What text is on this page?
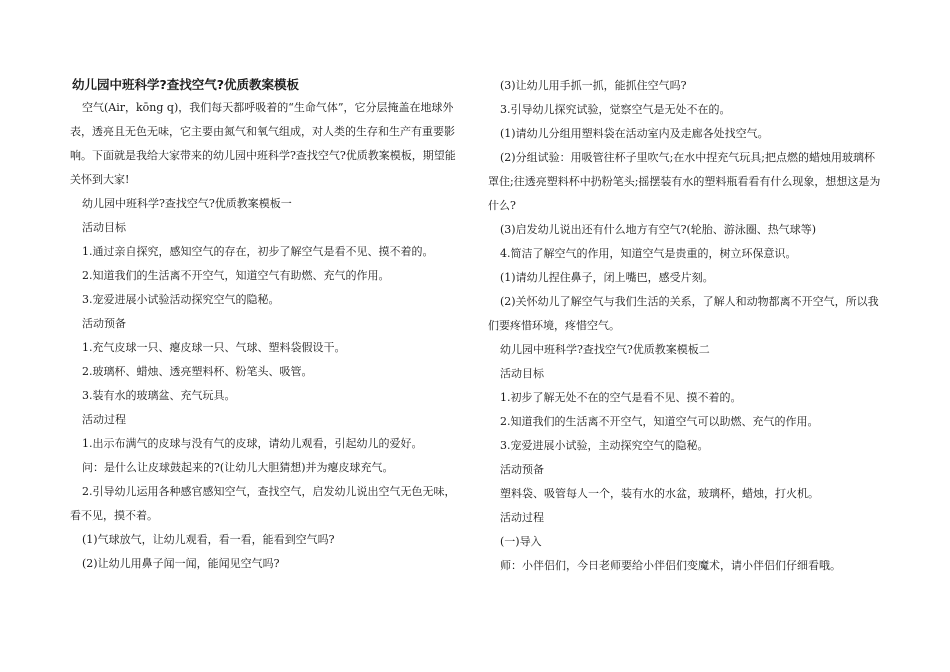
幼儿园中班科学?查找空气?优质教案模板

空气(Air，kōng q)，我们每天都呼吸着的“生命气体”，它分层掩盖在地球外表，透亮且无色无味，它主要由氮气和氧气组成，对人类的生存和生产有重要影响。下面就是我给大家带来的幼儿园中班科学?查找空气?优质教案模板，期望能关怀到大家!

幼儿园中班科学?查找空气?优质教案模板一

活动目标

1.通过亲自探究，感知空气的存在，初步了解空气是看不见、摸不着的。

2.知道我们的生活离不开空气，知道空气有助燃、充气的作用。

3.宠爱进展小试验活动探究空气的隐秘。

活动预备

1.充气皮球一只、瘪皮球一只、气球、塑料袋假设干。

2.玻璃杯、蜡烛、透亮塑料杯、粉笔头、吸管。

3.装有水的玻璃盆、充气玩具。

活动过程

1.出示布满气的皮球与没有气的皮球，请幼儿观看，引起幼儿的爱好。

问：是什么让皮球鼓起来的?(让幼儿大胆猜想)并为瘪皮球充气。

2.引导幼儿运用各种感官感知空气，查找空气，启发幼儿说出空气无色无味，看不见，摸不着。

(1)气球放气，让幼儿观看，看一看，能看到空气吗?

(2)让幼儿用鼻子闻一闻，能闻见空气吗?

(3)让幼儿用手抓一抓，能抓住空气吗?

3.引导幼儿探究试验，觉察空气是无处不在的。

(1)请幼儿分组用塑料袋在活动室内及走廊各处找空气。

(2)分组试验：用吸管往杯子里吹气;在水中捏充气玩具;把点燃的蜡烛用玻璃杯罩住;往透亮塑料杯中扔粉笔头;摇摆装有水的塑料瓶看看有什么现象，想想这是为什么?

(3)启发幼儿说出还有什么地方有空气?(轮胎、游泳圈、热气球等)

4.简洁了解空气的作用，知道空气是贵重的，树立环保意识。

(1)请幼儿捏住鼻子，闭上嘴巴，感受片刻。

(2)关怀幼儿了解空气与我们生活的关系，了解人和动物都离不开空气，所以我们要疼惜环境，疼惜空气。

幼儿园中班科学?查找空气?优质教案模板二

活动目标

1.初步了解无处不在的空气是看不见、摸不着的。

2.知道我们的生活离不开空气，知道空气可以助燃、充气的作用。

3.宠爱进展小试验，主动探究空气的隐秘。

活动预备

塑料袋、吸管每人一个，装有水的水盆，玻璃杯，蜡烛，打火机。

活动过程

(一)导入

师：小伴侣们，今日老师要给小伴侣们变魔术，请小伴侣们仔细看哦。
